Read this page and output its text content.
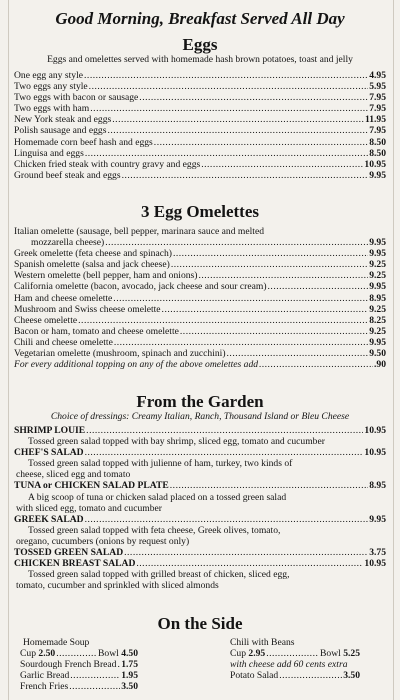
Good Morning, Breakfast Served All Day
Eggs
Eggs and omelettes served with homemade hash brown potatoes, toast and jelly
One egg any style .....	4.95
Two eggs any style .....	5.95
Two eggs with bacon or sausage .....	7.95
Two eggs with ham .....	7.95
New York steak and eggs .....	11.95
Polish sausage and eggs .....	7.95
Homemade corn beef hash and eggs .....	8.50
Linguisa and eggs .....	8.50
Chicken fried steak with country gravy and eggs .....	10.95
Ground beef steak and eggs .....	9.95
3 Egg Omelettes
Italian omelette (sausage, bell pepper, marinara sauce and melted
mozzarella cheese) .....	9.95
Greek omelette (feta cheese and spinach) .....	9.95
Spanish omelette (salsa and jack cheese) .....	9.25
Western omelette (bell pepper, ham and onions) .....	9.25
California omelette (bacon, avocado, jack cheese and sour cream) .....	9.95
Ham and cheese omelette .....	8.95
Mushroom and Swiss cheese omelette .....	9.25
Cheese omelette .....	8.25
Bacon or ham, tomato and cheese omelette .....	9.25
Chili and cheese omelette .....	9.95
Vegetarian omelette (mushroom, spinach and zucchini) .....	9.50
For every additional topping on any of the above omelettes add .....	.90
From the Garden
Choice of dressings: Creamy Italian, Ranch, Thousand Island or Bleu Cheese
SHRIMP LOUIE .....	10.95
Tossed green salad topped with bay shrimp, sliced egg, tomato and cucumber
CHEF'S SALAD .....	10.95
Tossed green salad topped with julienne of ham, turkey, two kinds of
cheese, sliced egg and tomato
TUNA or CHICKEN SALAD PLATE .....	8.95
A big scoop of tuna or chicken salad placed on a tossed green salad
with sliced egg, tomato and cucumber
GREEK SALAD .....	9.95
Tossed green salad topped with feta cheese, Greek olives, tomato,
oregano, cucumbers (onions by request only)
TOSSED GREEN SALAD .....	3.75
CHICKEN BREAST SALAD .....	10.95
Tossed green salad topped with grilled breast of chicken, sliced egg,
tomato, cucumber and sprinkled with sliced almonds
On the Side
Homemade Soup
Cup 2.50 .....	Bowl 4.50
Sourdough French Bread ..... 1.75
Garlic Bread .....	1.95
French Fries .....	3.50
Chili with Beans
Cup 2.95 .....	Bowl 5.25
with cheese add 60 cents extra
Potato Salad .....	3.50
